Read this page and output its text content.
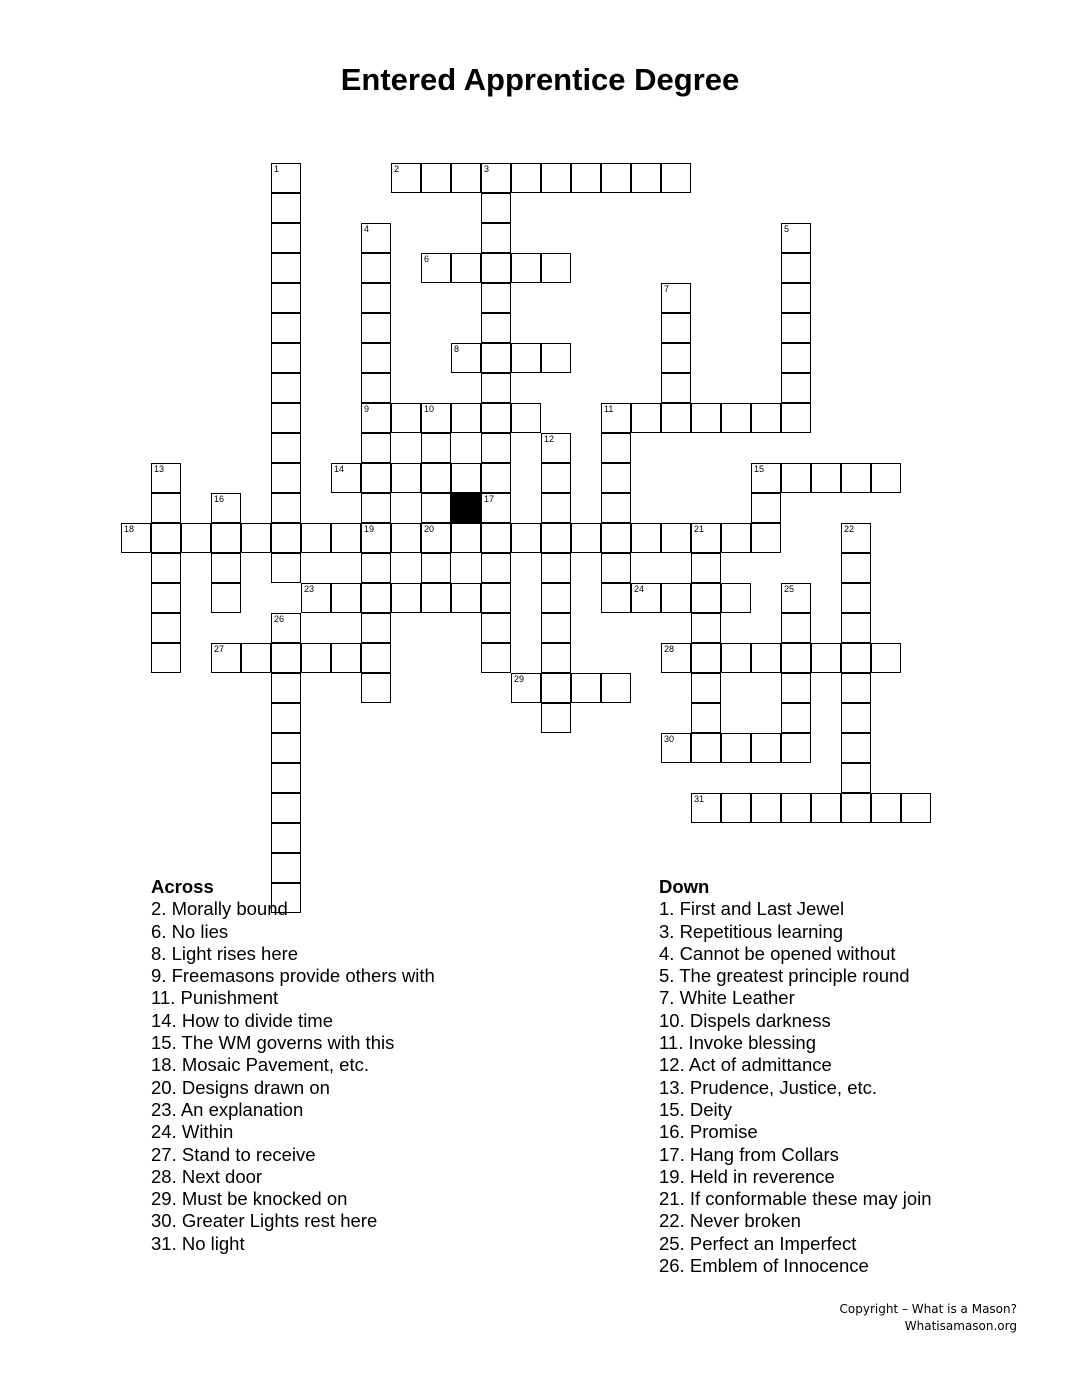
Entered Apprentice Degree
2	3
6
8
9	10	11
14	15
18	19	20	21
23	24
27	28
29
30
31
1
17
4	5
7
12
13
16
22
25
26
Across
2. Morally bound
6. No lies
8. Light rises here
9. Freemasons provide others with
11. Punishment
14. How to divide time
15. The WM governs with this
18. Mosaic Pavement, etc.
20. Designs drawn on
23. An explanation
24. Within
27. Stand to receive
28. Next door
29. Must be knocked on
30. Greater Lights rest here
31. No light
Down
1. First and Last Jewel
3. Repetitious learning
4. Cannot be opened without
5. The greatest principle round
7. White Leather
10. Dispels darkness
11. Invoke blessing
12. Act of admittance
13. Prudence, Justice, etc.
15. Deity
16. Promise
17. Hang from Collars
19. Held in reverence
21. If conformable these may join
22. Never broken
25. Perfect an Imperfect
26. Emblem of Innocence
Copyright – What is a Mason?
Whatisamason.org
